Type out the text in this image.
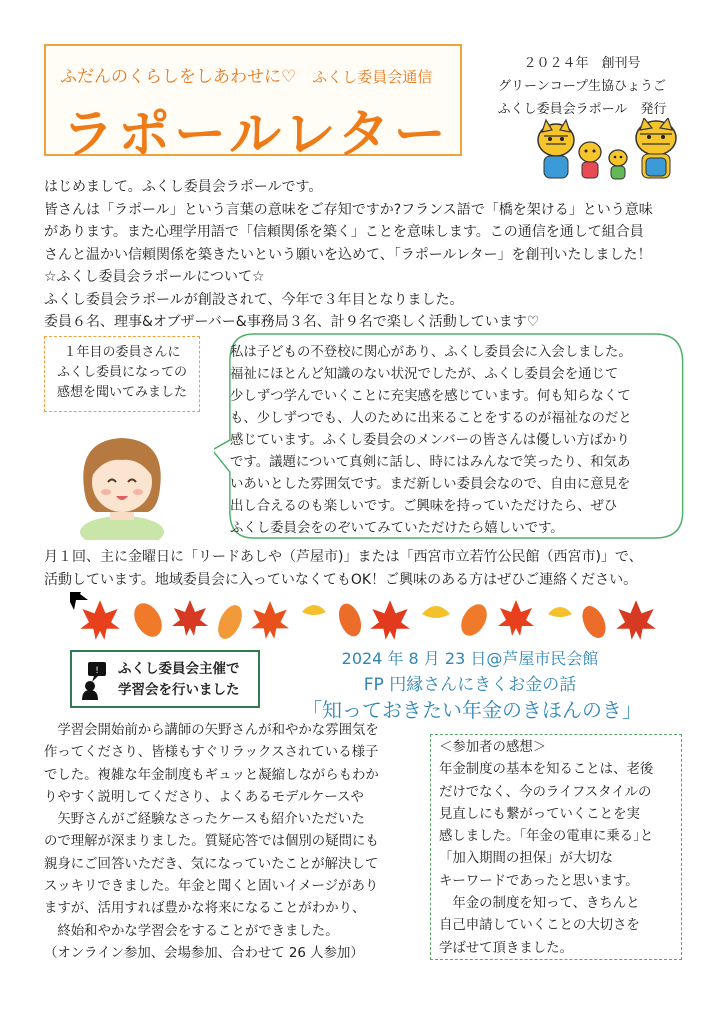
ふだんのくらしをしあわせに♡ ふくし委員会通信
ラポールレター
２０２４年　創刊号
グリーンコープ生協ひょうご
ふくし委員会ラポール　発行

はじめまして。ふくし委員会ラポールです。

皆さんは「ラポール」という言葉の意味をご存知ですか?フランス語で「橋を架ける」という意味

があります。また心理学用語で「信頼関係を築く」ことを意味します。この通信を通して組合員

さんと温かい信頼関係を築きたいという願いを込めて、「ラポールレター」を創刊いたしました！

☆ふくし委員会ラポールについて☆

ふくし委員会ラポールが創設されて、今年で３年目となりました。

委員６名、理事&オブザーバー&事務局３名、計９名で楽しく活動しています♡

１年目の委員さんに
ふくし委員になっての
感想を聞いてみました

私は子どもの不登校に関心があり、ふくし委員会に入会しました。

福祉にほとんど知識のない状況でしたが、ふくし委員会を通じて

少しずつ学んでいくことに充実感を感じています。何も知らなくて

も、少しずつでも、人のために出来ることをするのが福祉なのだと

感じています。ふくし委員会のメンバーの皆さんは優しい方ばかり

です。議題について真剣に話し、時にはみんなで笑ったり、和気あ

いあいとした雰囲気です。まだ新しい委員会なので、自由に意見を

出し合えるのも楽しいです。ご興味を持っていただけたら、ぜひ

ふくし委員会をのぞいてみていただけたら嬉しいです。

月１回、主に金曜日に「リードあしや（芦屋市)」または「西宮市立若竹公民館（西宮市)」で、

活動しています。地域委員会に入っていなくてもOK！ご興味のある方はぜひご連絡ください。

! ふくし委員会主催で
学習会を行いました
2024 年 8 月 23 日@芦屋市民会館
FP 円縁さんにきくお金の話
「知っておきたい年金のきほんのき」

　学習会開始前から講師の矢野さんが和やかな雰囲気を

作ってくださり、皆様もすぐリラックスされている様子

でした。複雑な年金制度もギュッと凝縮しながらもわか

りやすく説明してくださり、よくあるモデルケースや

　矢野さんがご経験なさったケースも紹介いただいた

ので理解が深まりました。質疑応答では個別の疑問にも

親身にご回答いただき、気になっていたことが解決して

スッキリできました。年金と聞くと固いイメージがあり

ますが、活用すれば豊かな将来になることがわかり、

　終始和やかな学習会をすることができました。

（オンライン参加、会場参加、合わせて 26 人参加）

＜参加者の感想＞

年金制度の基本を知ることは、老後

だけでなく、今のライフスタイルの

見直しにも繋がっていくことを実

感しました。｢年金の電車に乗る｣と

「加入期間の担保」が大切な

キーワードであったと思います。

　年金の制度を知って、きちんと

自己申請していくことの大切さを

学ばせて頂きました。
